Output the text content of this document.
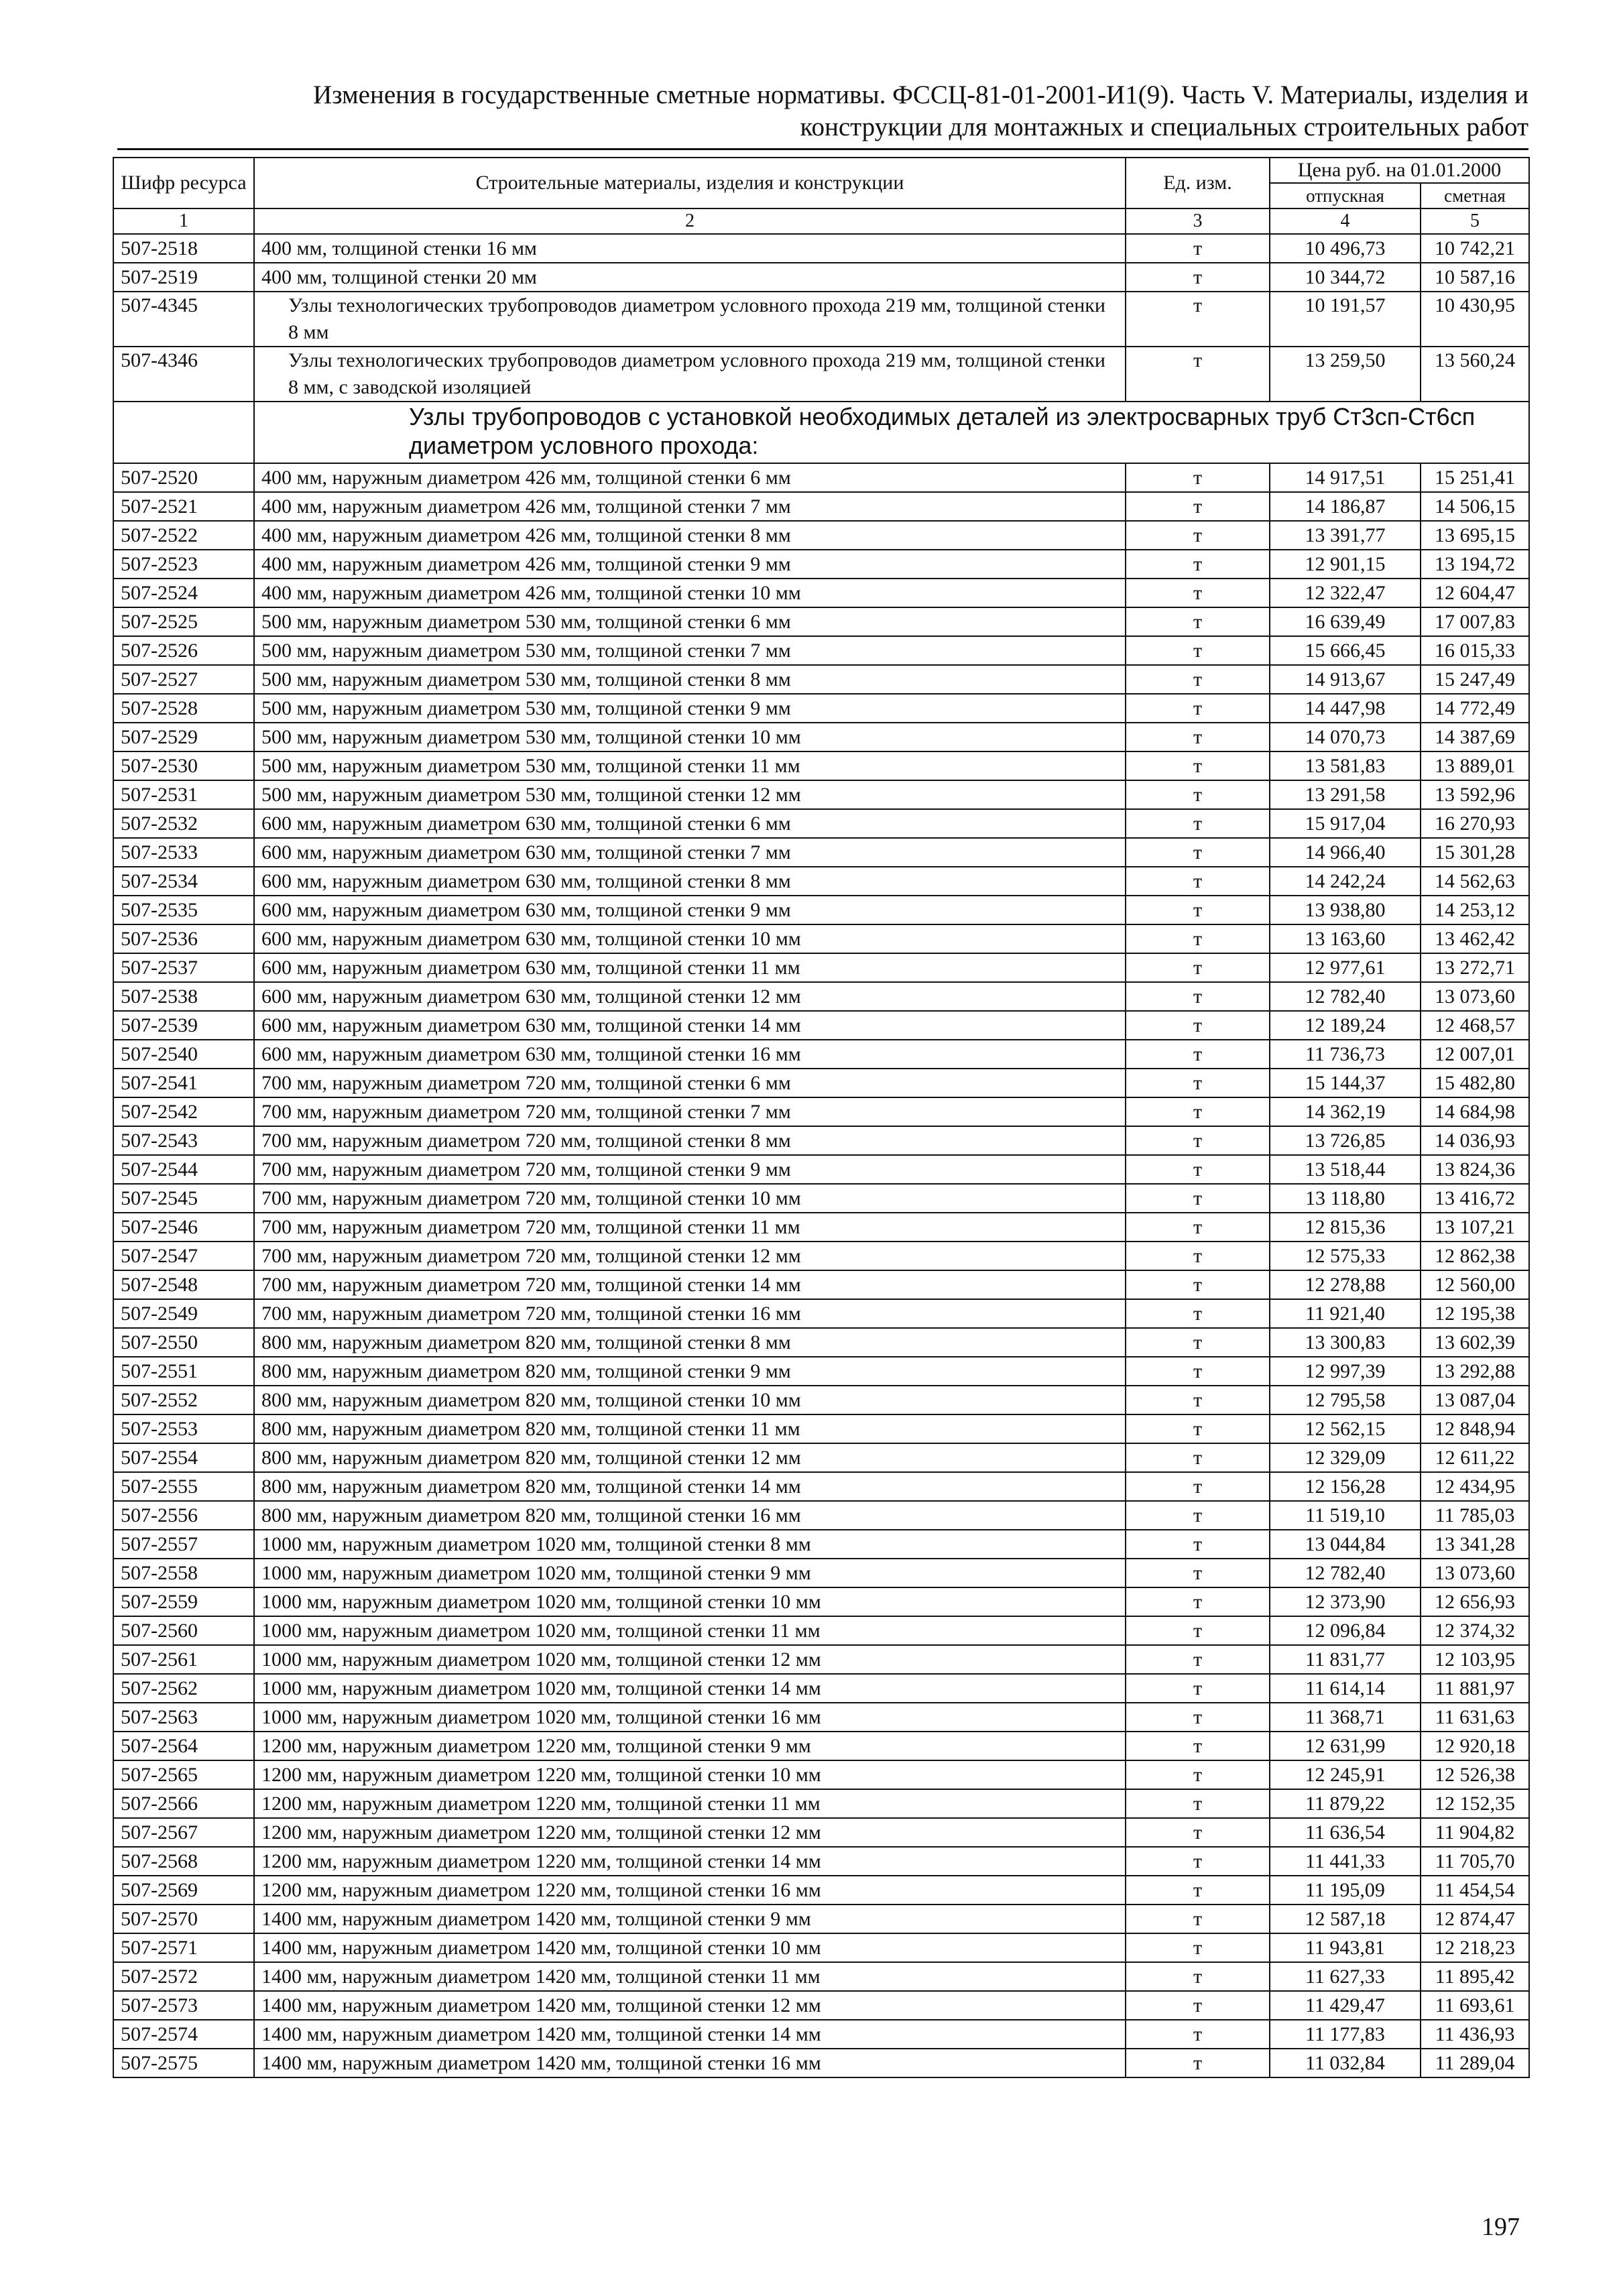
Изменения в государственные сметные нормативы. ФССЦ-81-01-2001-И1(9). Часть V. Материалы, изделия и
конструкции для монтажных и специальных строительных работ
Шифр ресурса	Строительные материалы, изделия и конструкции	Ед. изм.	Цена руб. на 01.01.2000	
			отпускная	сметная
1	2	3	4	5
507-2518	400 мм, толщиной стенки 16 мм	т	10 496,73	10 742,21
507-2519	400 мм, толщиной стенки 20 мм	т	10 344,72	10 587,16
507-4345	Узлы технологических трубопроводов диаметром условного прохода 219 мм, толщиной стенки 8 мм	т	10 191,57	10 430,95
507-4346	Узлы технологических трубопроводов диаметром условного прохода 219 мм, толщиной стенки 8 мм, с заводской изоляцией	т	13 259,50	13 560,24
	Узлы трубопроводов с установкой необходимых деталей из электросварных труб Ст3сп-Ст6сп диаметром условного прохода:			
507-2520	400 мм, наружным диаметром 426 мм, толщиной стенки 6 мм	т	14 917,51	15 251,41
507-2521	400 мм, наружным диаметром 426 мм, толщиной стенки 7 мм	т	14 186,87	14 506,15
507-2522	400 мм, наружным диаметром 426 мм, толщиной стенки 8 мм	т	13 391,77	13 695,15
507-2523	400 мм, наружным диаметром 426 мм, толщиной стенки 9 мм	т	12 901,15	13 194,72
507-2524	400 мм, наружным диаметром 426 мм, толщиной стенки 10 мм	т	12 322,47	12 604,47
507-2525	500 мм, наружным диаметром 530 мм, толщиной стенки 6 мм	т	16 639,49	17 007,83
507-2526	500 мм, наружным диаметром 530 мм, толщиной стенки 7 мм	т	15 666,45	16 015,33
507-2527	500 мм, наружным диаметром 530 мм, толщиной стенки 8 мм	т	14 913,67	15 247,49
507-2528	500 мм, наружным диаметром 530 мм, толщиной стенки 9 мм	т	14 447,98	14 772,49
507-2529	500 мм, наружным диаметром 530 мм, толщиной стенки 10 мм	т	14 070,73	14 387,69
507-2530	500 мм, наружным диаметром 530 мм, толщиной стенки 11 мм	т	13 581,83	13 889,01
507-2531	500 мм, наружным диаметром 530 мм, толщиной стенки 12 мм	т	13 291,58	13 592,96
507-2532	600 мм, наружным диаметром 630 мм, толщиной стенки 6 мм	т	15 917,04	16 270,93
507-2533	600 мм, наружным диаметром 630 мм, толщиной стенки 7 мм	т	14 966,40	15 301,28
507-2534	600 мм, наружным диаметром 630 мм, толщиной стенки 8 мм	т	14 242,24	14 562,63
507-2535	600 мм, наружным диаметром 630 мм, толщиной стенки 9 мм	т	13 938,80	14 253,12
507-2536	600 мм, наружным диаметром 630 мм, толщиной стенки 10 мм	т	13 163,60	13 462,42
507-2537	600 мм, наружным диаметром 630 мм, толщиной стенки 11 мм	т	12 977,61	13 272,71
507-2538	600 мм, наружным диаметром 630 мм, толщиной стенки 12 мм	т	12 782,40	13 073,60
507-2539	600 мм, наружным диаметром 630 мм, толщиной стенки 14 мм	т	12 189,24	12 468,57
507-2540	600 мм, наружным диаметром 630 мм, толщиной стенки 16 мм	т	11 736,73	12 007,01
507-2541	700 мм, наружным диаметром 720 мм, толщиной стенки 6 мм	т	15 144,37	15 482,80
507-2542	700 мм, наружным диаметром 720 мм, толщиной стенки 7 мм	т	14 362,19	14 684,98
507-2543	700 мм, наружным диаметром 720 мм, толщиной стенки 8 мм	т	13 726,85	14 036,93
507-2544	700 мм, наружным диаметром 720 мм, толщиной стенки 9 мм	т	13 518,44	13 824,36
507-2545	700 мм, наружным диаметром 720 мм, толщиной стенки 10 мм	т	13 118,80	13 416,72
507-2546	700 мм, наружным диаметром 720 мм, толщиной стенки 11 мм	т	12 815,36	13 107,21
507-2547	700 мм, наружным диаметром 720 мм, толщиной стенки 12 мм	т	12 575,33	12 862,38
507-2548	700 мм, наружным диаметром 720 мм, толщиной стенки 14 мм	т	12 278,88	12 560,00
507-2549	700 мм, наружным диаметром 720 мм, толщиной стенки 16 мм	т	11 921,40	12 195,38
507-2550	800 мм, наружным диаметром 820 мм, толщиной стенки 8 мм	т	13 300,83	13 602,39
507-2551	800 мм, наружным диаметром 820 мм, толщиной стенки 9 мм	т	12 997,39	13 292,88
507-2552	800 мм, наружным диаметром 820 мм, толщиной стенки 10 мм	т	12 795,58	13 087,04
507-2553	800 мм, наружным диаметром 820 мм, толщиной стенки 11 мм	т	12 562,15	12 848,94
507-2554	800 мм, наружным диаметром 820 мм, толщиной стенки 12 мм	т	12 329,09	12 611,22
507-2555	800 мм, наружным диаметром 820 мм, толщиной стенки 14 мм	т	12 156,28	12 434,95
507-2556	800 мм, наружным диаметром 820 мм, толщиной стенки 16 мм	т	11 519,10	11 785,03
507-2557	1000 мм, наружным диаметром 1020 мм, толщиной стенки 8 мм	т	13 044,84	13 341,28
507-2558	1000 мм, наружным диаметром 1020 мм, толщиной стенки 9 мм	т	12 782,40	13 073,60
507-2559	1000 мм, наружным диаметром 1020 мм, толщиной стенки 10 мм	т	12 373,90	12 656,93
507-2560	1000 мм, наружным диаметром 1020 мм, толщиной стенки 11 мм	т	12 096,84	12 374,32
507-2561	1000 мм, наружным диаметром 1020 мм, толщиной стенки 12 мм	т	11 831,77	12 103,95
507-2562	1000 мм, наружным диаметром 1020 мм, толщиной стенки 14 мм	т	11 614,14	11 881,97
507-2563	1000 мм, наружным диаметром 1020 мм, толщиной стенки 16 мм	т	11 368,71	11 631,63
507-2564	1200 мм, наружным диаметром 1220 мм, толщиной стенки 9 мм	т	12 631,99	12 920,18
507-2565	1200 мм, наружным диаметром 1220 мм, толщиной стенки 10 мм	т	12 245,91	12 526,38
507-2566	1200 мм, наружным диаметром 1220 мм, толщиной стенки 11 мм	т	11 879,22	12 152,35
507-2567	1200 мм, наружным диаметром 1220 мм, толщиной стенки 12 мм	т	11 636,54	11 904,82
507-2568	1200 мм, наружным диаметром 1220 мм, толщиной стенки 14 мм	т	11 441,33	11 705,70
507-2569	1200 мм, наружным диаметром 1220 мм, толщиной стенки 16 мм	т	11 195,09	11 454,54
507-2570	1400 мм, наружным диаметром 1420 мм, толщиной стенки 9 мм	т	12 587,18	12 874,47
507-2571	1400 мм, наружным диаметром 1420 мм, толщиной стенки 10 мм	т	11 943,81	12 218,23
507-2572	1400 мм, наружным диаметром 1420 мм, толщиной стенки 11 мм	т	11 627,33	11 895,42
507-2573	1400 мм, наружным диаметром 1420 мм, толщиной стенки 12 мм	т	11 429,47	11 693,61
507-2574	1400 мм, наружным диаметром 1420 мм, толщиной стенки 14 мм	т	11 177,83	11 436,93
507-2575	1400 мм, наружным диаметром 1420 мм, толщиной стенки 16 мм	т	11 032,84	11 289,04
197
